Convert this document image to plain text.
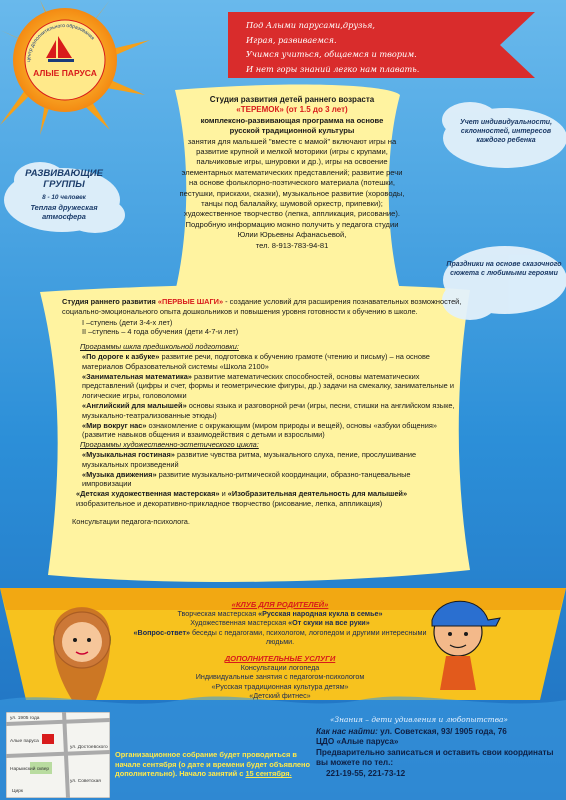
центр дополнительного образования
АЛЫЕ ПАРУСА
Под Алыми парусами,друзья,
Играя, развиваемся.
Учимся учиться, общаемся и творим.
И нет горы знаний легко нам плавать.
Студия развития детей раннего возраста
«ТЕРЕМОК» (от 1.5 до 3 лет)
комплексно-развивающая программа на основе
русской традиционной культуры
занятия для малышей "вместе с мамой" включают игры на развитие крупной и мелкой моторики (игры с крупами, пальчиковые игры, шнуровки и др.), игры на освоение элементарных математических представлений; развитие речи на основе фольклорно-поэтического материала (потешки, пестушки, прискахи, сказки), музыкальное развитие (хороводы, танцы под балалайку, шумовой оркестр, припевки); художественное творчество (лепка, аппликация, рисование).
Подробную информацию можно получить у педагога студии Юлии Юрьевны Афанасьевой,
тел. 8-913-783-94-81
РАЗВИВАЮЩИЕ ГРУППЫ
8 - 10 человек
Теплая дружеская атмосфера
Учет индивидуальности, склонностей, интересов каждого ребенка
Праздники на основе сказочного сюжета с любимыми героями
Студия раннего развития «ПЕРВЫЕ ШАГИ» - создание условий для расширения познавательных возможностей, социально-эмоционального опыта дошкольников и повышения уровня готовности к обучению в школе.
I –ступень (дети 3-4-х лет)
II –ступень – 4 года обучения (дети 4-7-и лет)
Программы шкла предшкольной подготовки:
«По дороге к азбуке» развитие речи, подготовка к обучению грамоте (чтению и письму) – на основе материалов Образовательной системы «Школа 2100»
«Занимательная математика» развитие математических способностей, основы математических представлений (цифры и счет, формы и геометрические фигуры, др.) задачи на смекалку, занимательные и логические игры, головоломки
«Английский для малышей» основы языка и разговорной речи (игры, песни, стишки на английском языке, музыкально-театрализованные этюды)
«Мир вокруг нас» ознакомление с окружающим (миром природы и вещей), основы «азбуки общения» (развитие навыков общения и взаимодействия с детьми и взрослыми)
Программы художественно-эстетического цикла:
«Музыкальная гостиная» развитие чувства ритма, музыкального слуха, пение, прослушивание музыкальных произведений
«Музыка движения» развитие музыкально-ритмической координации, образно-танцевальные импровизации
«Детская художественная мастерская» и «Изобразительная деятельность для малышей» изобразительное и декоративно-прикладное творчество (рисование, лепка, аппликация)
Консультации педагога-психолога.
«КЛУБ ДЛЯ РОДИТЕЛЕЙ»
Творческая мастерская «Русская народная кукла в семье»
Художественная мастерская «От скуки на все руки»
«Вопрос-ответ» беседы с педагогами, психологом, логопедом и другими интересными людьми.
ДОПОЛНИТЕЛЬНЫЕ УСЛУГИ
Консультации логопеда
Индивидуальные занятия с педагогом-психологом
«Русская традиционная культура детям»
«Детский фитнес»
«Знания – дети удивления и любопытства»
Как нас найти: ул. Советская, 93/ 1905 года, 76
ЦДО «Алые паруса»
Предварительно записаться и оставить свои координаты вы можете по тел.:
221-19-55, 221-73-12
Организационное собрание будет проводиться в начале сентября (о дате и времени будет объявлено дополнительно). Начало занятий с 15 сентября.
ул. 1905 года
ул. Достоевского
Алые паруса
Нарымский сквер
ул. Советская
Цирк
